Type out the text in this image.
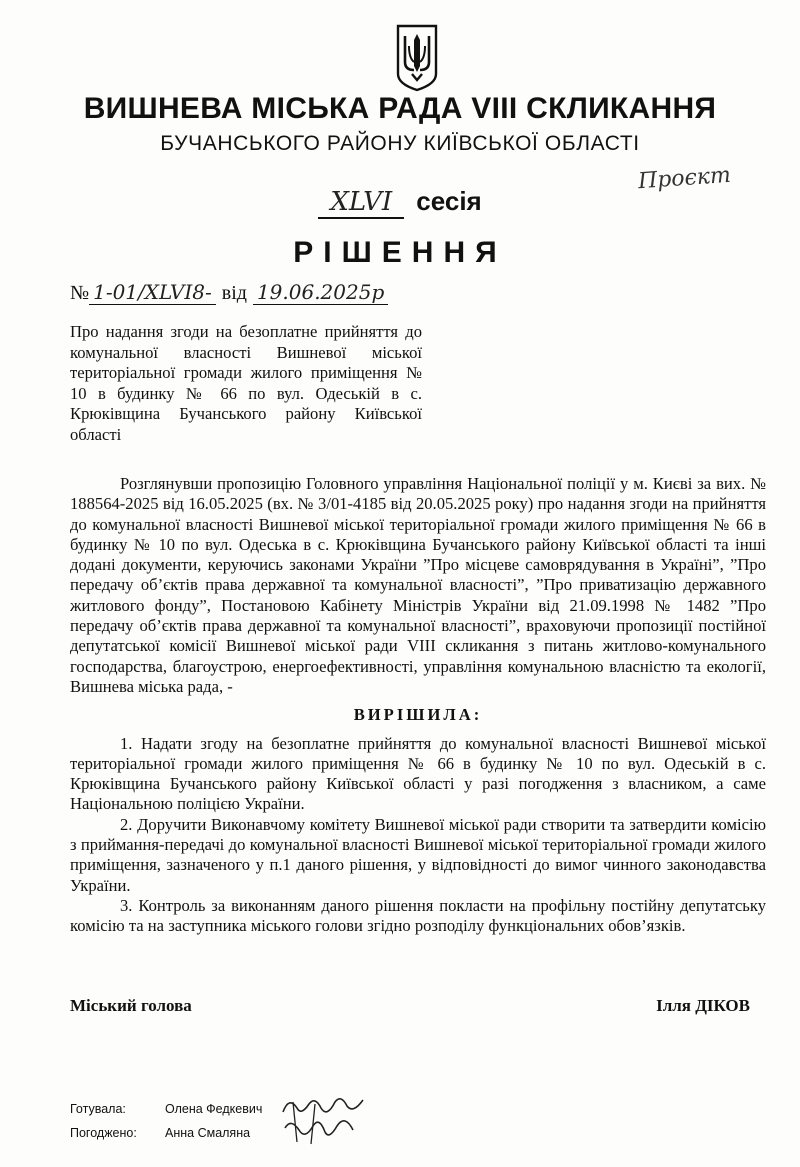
ВИШНЕВА МІСЬКА РАДА VIII СКЛИКАННЯ
БУЧАНСЬКОГО РАЙОНУ КИЇВСЬКОЇ ОБЛАСТІ
Проєкт
XLVI сесія
РІШЕННЯ
№ 1-01/XLVI8- від 19.06.2025р
Про надання згоди на безоплатне прийняття до комунальної власності Вишневої міської територіальної громади жилого приміщення № 10 в будинку № 66 по вул. Одеській в с. Крюківщина Бучанського району Київської області

Розглянувши пропозицію Головного управління Національної поліції у м. Києві за вих. № 188564-2025 від 16.05.2025 (вх. № 3/01-4185 від 20.05.2025 року) про надання згоди на прийняття до комунальної власності Вишневої міської територіальної громади жилого приміщення № 66 в будинку № 10 по вул. Одеська в с. Крюківщина Бучанського району Київської області та інші додані документи, керуючись законами України ”Про місцеве самоврядування в Україні”, ”Про передачу об’єктів права державної та комунальної власності”, ”Про приватизацію державного житлового фонду”, Постановою Кабінету Міністрів України від 21.09.1998 № 1482 ”Про передачу об’єктів права державної та комунальної власності”, враховуючи пропозиції постійної депутатської комісії Вишневої міської ради VIII скликання з питань житлово-комунального господарства, благоустрою, енергоефективності, управління комунальною власністю та екології, Вишнева міська рада, -

ВИРІШИЛА:

1. Надати згоду на безоплатне прийняття до комунальної власності Вишневої міської територіальної громади жилого приміщення № 66 в будинку № 10 по вул. Одеській в с. Крюківщина Бучанського району Київської області у разі погодження з власником, а саме Національною поліцією України.

2. Доручити Виконавчому комітету Вишневої міської ради створити та затвердити комісію з приймання-передачі до комунальної власності Вишневої міської територіальної громади жилого приміщення, зазначеного у п.1 даного рішення, у відповідності до вимог чинного законодавства України.

3. Контроль за виконанням даного рішення покласти на профільну постійну депутатську комісію та на заступника міського голови згідно розподілу функціональних обов’язків.

Міський голова	Ілля ДІКОВ
Готувала:	Олена Федкевич
Погоджено: Анна Смаляна
